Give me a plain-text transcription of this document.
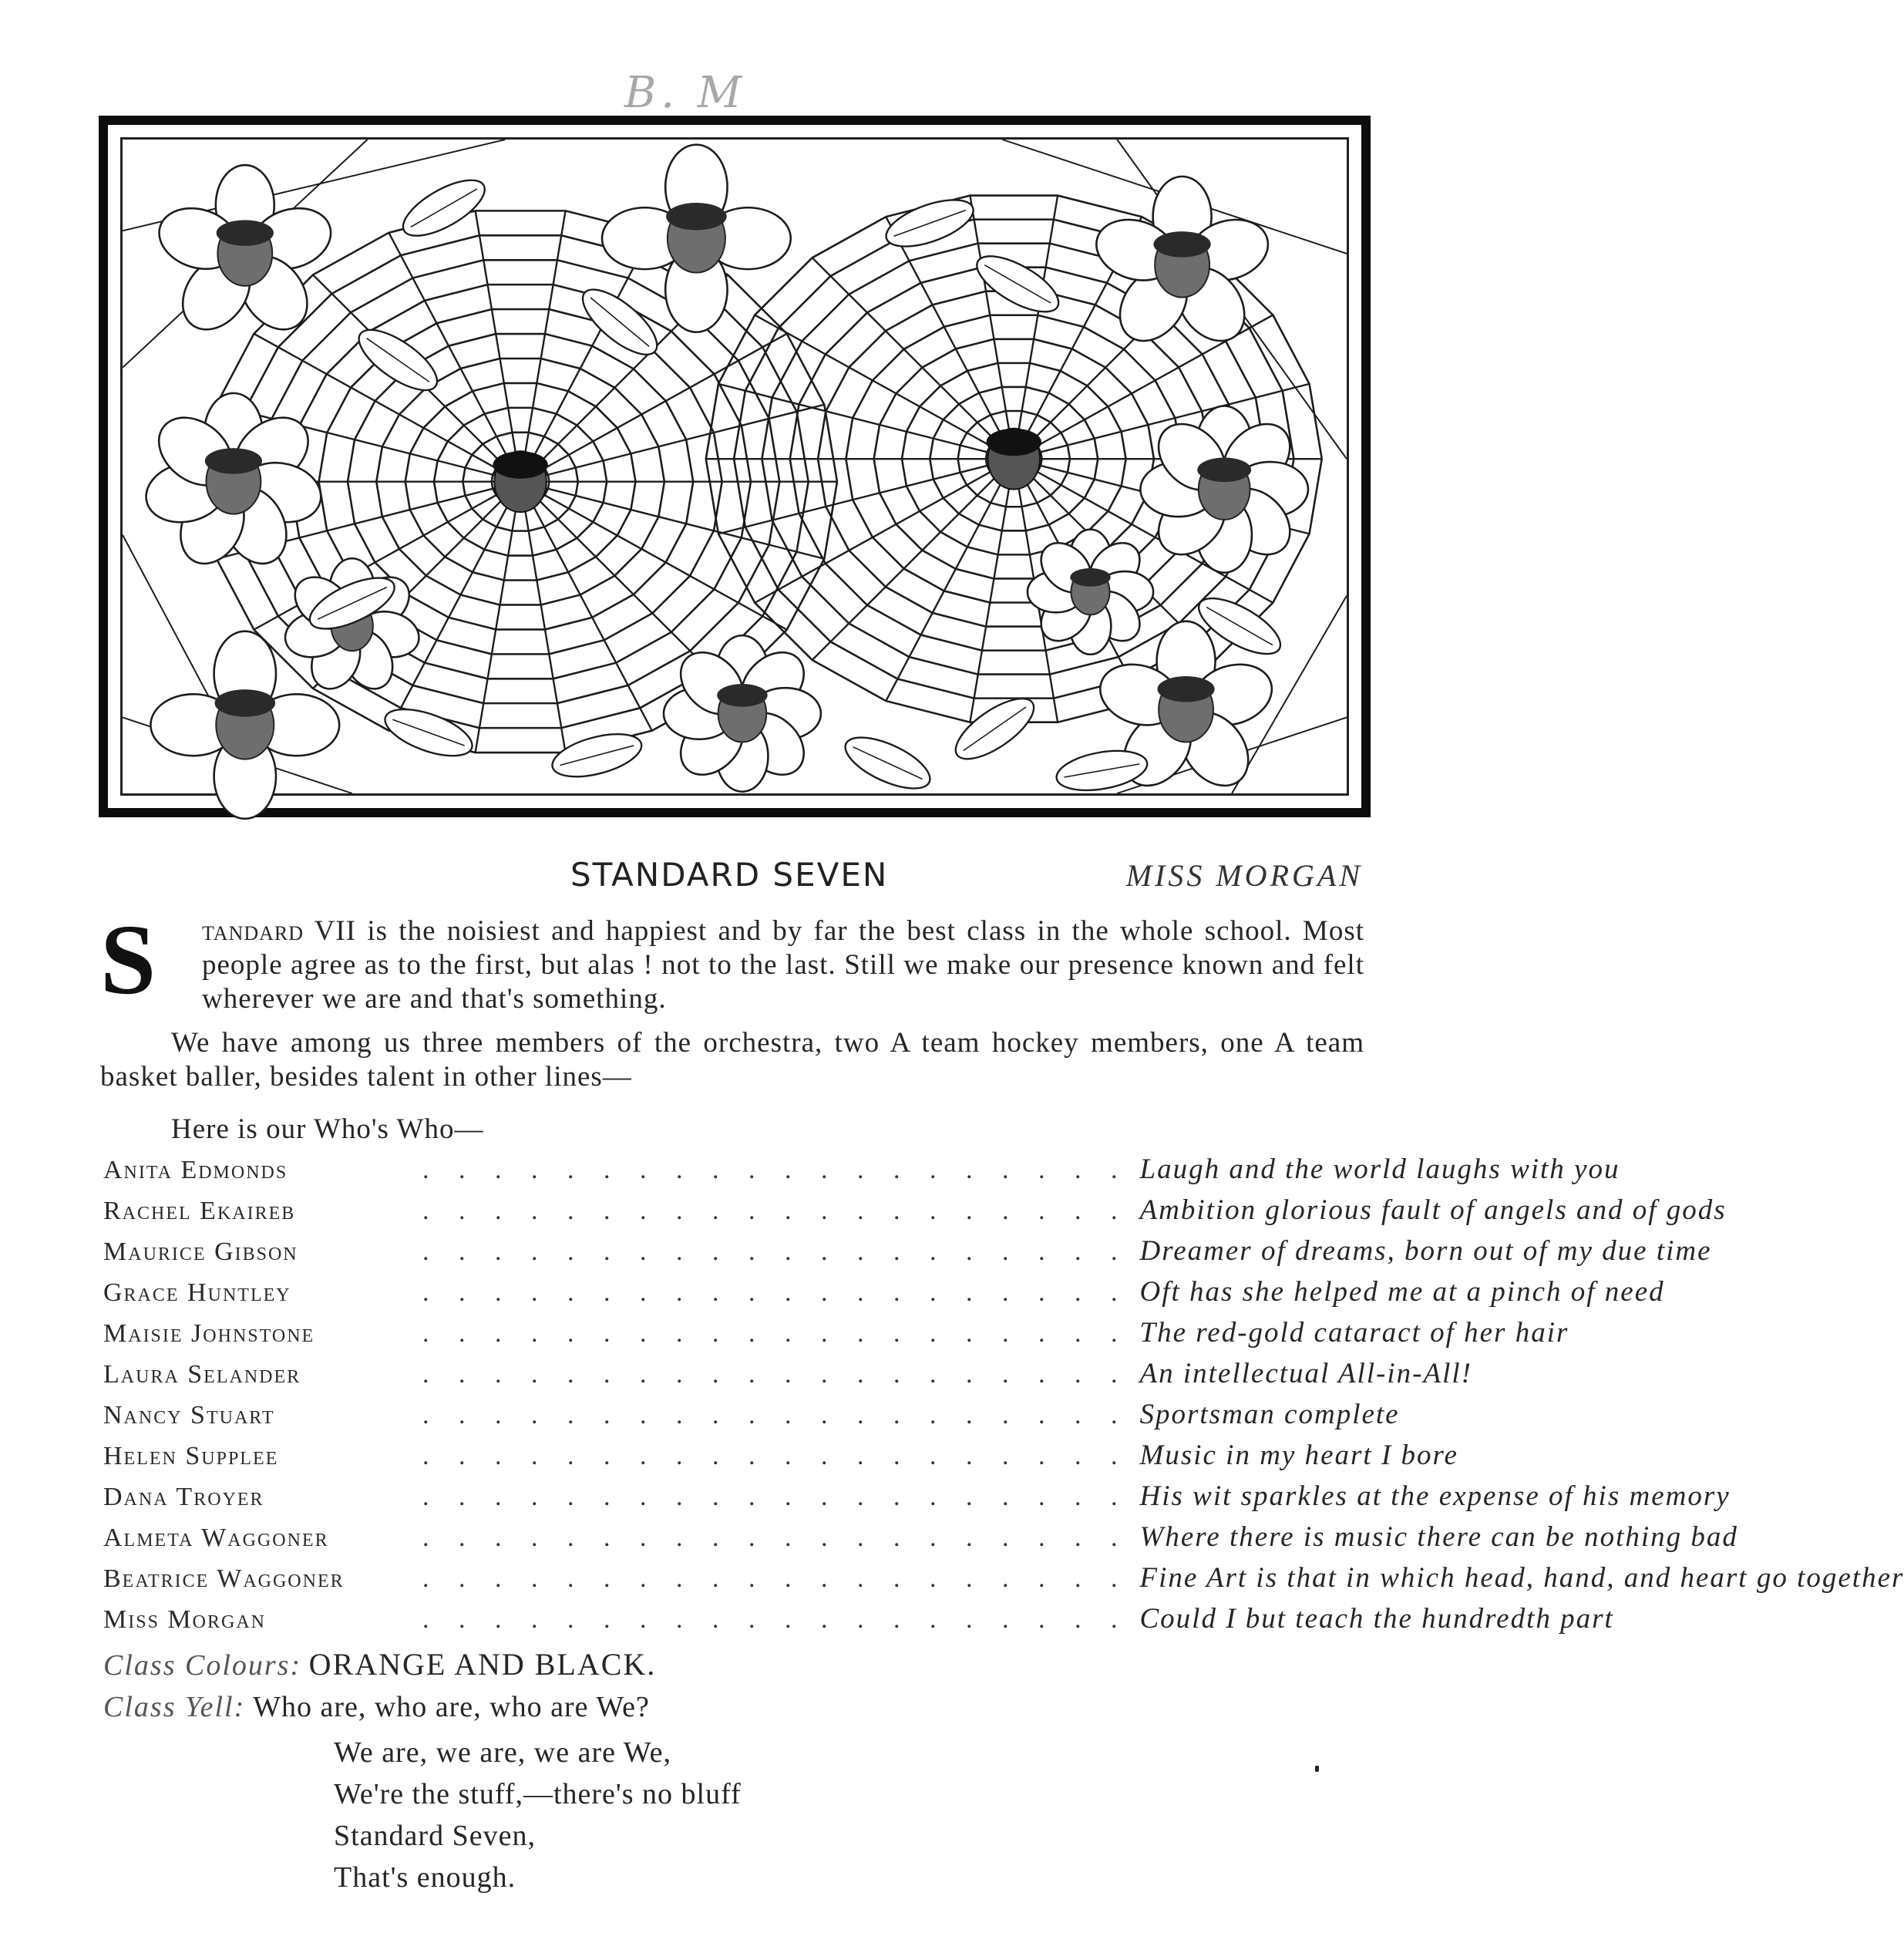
B. M
STANDARD SEVEN	MISS MORGAN
S tandard VII is the noisiest and happiest and by far the best class in the whole school. Most people agree as to the first, but alas ! not to the last. Still we make our presence known and felt wherever we are and that's something.
We have among us three members of the orchestra, two A team hockey members, one A team basket baller, besides talent in other lines—
Here is our Who's Who—
Anita Edmonds	. . . . . . . . . . . . . . . . . . . . Laugh and the world laughs with you
Rachel Ekaireb	. . . . . . . . . . . . . . . . . . . . Ambition glorious fault of angels and of gods
Maurice Gibson	. . . . . . . . . . . . . . . . . . . . Dreamer of dreams, born out of my due time
Grace Huntley	. . . . . . . . . . . . . . . . . . . . Oft has she helped me at a pinch of need
Maisie Johnstone	. . . . . . . . . . . . . . . . . . . . The red-gold cataract of her hair
Laura Selander	. . . . . . . . . . . . . . . . . . . . An intellectual All-in-All!
Nancy Stuart	. . . . . . . . . . . . . . . . . . . . Sportsman complete
Helen Supplee	. . . . . . . . . . . . . . . . . . . . Music in my heart I bore
Dana Troyer	. . . . . . . . . . . . . . . . . . . . His wit sparkles at the expense of his memory
Almeta Waggoner	. . . . . . . . . . . . . . . . . . . . Where there is music there can be nothing bad
Beatrice Waggoner	. . . . . . . . . . . . . . . . . . . . Fine Art is that in which head, hand, and heart go together
Miss Morgan	. . . . . . . . . . . . . . . . . . . . Could I but teach the hundredth part
Class Colours: ORANGE AND BLACK.
Class Yell: Who are, who are, who are We?
We are, we are, we are We,
We're the stuff,—there's no bluff
Standard Seven,
That's enough.
